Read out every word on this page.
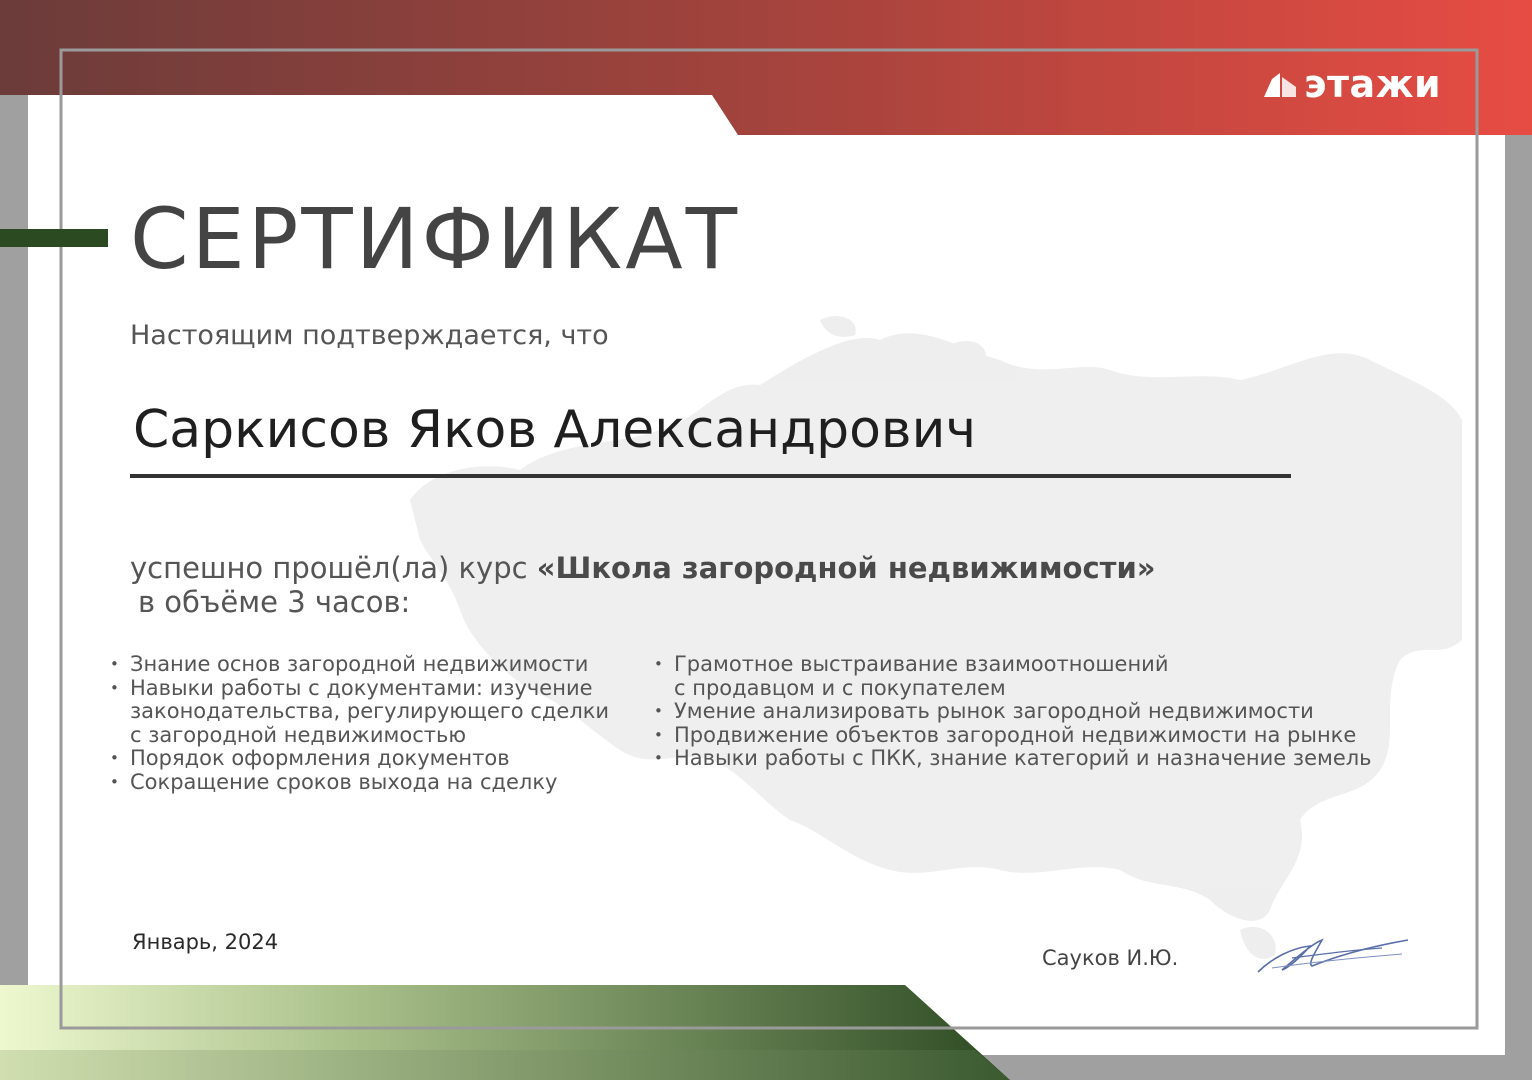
этажи
СЕРТИФИКАТ
Настоящим подтверждается, что
Саркисов Яков Александрович
успешно прошёл(ла) курс «Школа загородной недвижимости»
в объёме 3 часов:
• Знание основ загородной недвижимости
• Навыки работы с документами: изучение
законодательства, регулирующего сделки
с загородной недвижимостью
• Порядок оформления документов
• Сокращение сроков выхода на сделку
• Грамотное выстраивание взаимоотношений
с продавцом и с покупателем
• Умение анализировать рынок загородной недвижимости
• Продвижение объектов загородной недвижимости на рынке
• Навыки работы с ПКК, знание категорий и назначение земель
Январь, 2024
Сауков И.Ю.
